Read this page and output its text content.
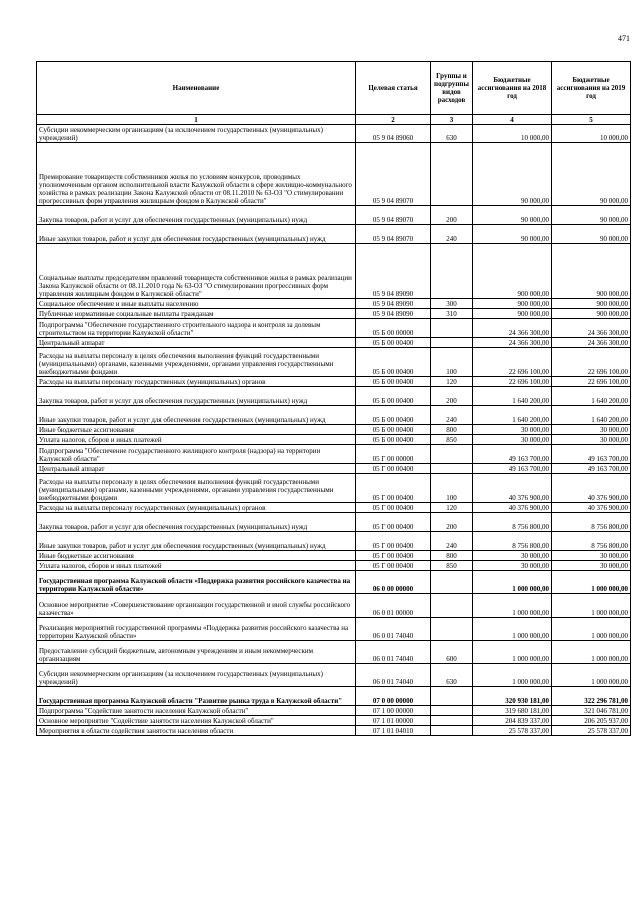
471
Наименование	Целевая статья	Группы и подгруппы видов расходов	Бюджетные ассигнования на 2018 год	Бюджетные ассигнования на 2019 год
1	2	3	4	5
Субсидии некоммерческим организациям (за исключением государственных (муниципальных) учреждений)	05 9 04 89060	630	10 000,00	10 000,00
Премирование товариществ собственников жилья по условиям конкурсов, проводимых уполномоченным органом исполнительной власти Калужской области в сфере жилищно-коммунального хозяйства в рамках реализации Закона Калужской области от 08.11.2010 № 63-ОЗ "О стимулировании прогрессивных форм управления жилищным фондом в Калужской области"	05 9 04 89070		90 000,00	90 000,00
Закупка товаров, работ и услуг для обеспечения государственных (муниципальных) нужд	05 9 04 89070	200	90 000,00	90 000,00
Иные закупки товаров, работ и услуг для обеспечения государственных (муниципальных) нужд	05 9 04 89070	240	90 000,00	90 000,00
Социальные выплаты председателям правлений товариществ собственников жилья в рамках реализации Закона Калужской области от 08.11.2010 года № 63-ОЗ "О стимулировании прогрессивных форм управления жилищным фондом в Калужской области"	05 9 04 89090		900 000,00	900 000,00
Социальное обеспечение и иные выплаты населению	05 9 04 89090	300	900 000,00	900 000,00
Публичные нормативные социальные выплаты гражданам	05 9 04 89090	310	900 000,00	900 000,00
Подпрограмма "Обеспечение государственного строительного надзора и контроля за долевым строительством на территории Калужской области"	05 Б 00 00000		24 366 300,00	24 366 300,00
Центральный аппарат	05 Б 00 00400		24 366 300,00	24 366 300,00
Расходы на выплаты персоналу в целях обеспечения выполнения функций государственными (муниципальными) органами, казенными учреждениями, органами управления государственными внебюджетными фондами	05 Б 00 00400	100	22 696 100,00	22 696 100,00
Расходы на выплаты персоналу государственных (муниципальных) органов	05 Б 00 00400	120	22 696 100,00	22 696 100,00
Закупка товаров, работ и услуг для обеспечения государственных (муниципальных) нужд	05 Б 00 00400	200	1 640 200,00	1 640 200,00
Иные закупки товаров, работ и услуг для обеспечения государственных (муниципальных) нужд	05 Б 00 00400	240	1 640 200,00	1 640 200,00
Иные бюджетные ассигнования	05 Б 00 00400	800	30 000,00	30 000,00
Уплата налогов, сборов и иных платежей	05 Б 00 00400	850	30 000,00	30 000,00
Подпрограмма "Обеспечение государственного жилищного контроля (надзора) на территории Калужской области"	05 Г 00 00000		49 163 700,00	49 163 700,00
Центральный аппарат	05 Г 00 00400		49 163 700,00	49 163 700,00
Расходы на выплаты персоналу в целях обеспечения выполнения функций государственными (муниципальными) органами, казенными учреждениями, органами управления государственными внебюджетными фондами	05 Г 00 00400	100	40 376 900,00	40 376 900,00
Расходы на выплаты персоналу государственных (муниципальных) органов	05 Г 00 00400	120	40 376 900,00	40 376 900,00
Закупка товаров, работ и услуг для обеспечения государственных (муниципальных) нужд	05 Г 00 00400	200	8 756 800,00	8 756 800,00
Иные закупки товаров, работ и услуг для обеспечения государственных (муниципальных) нужд	05 Г 00 00400	240	8 756 800,00	8 756 800,00
Иные бюджетные ассигнования	05 Г 00 00400	800	30 000,00	30 000,00
Уплата налогов, сборов и иных платежей	05 Г 00 00400	850	30 000,00	30 000,00
Государственная программа Калужской области «Поддержка развития российского казачества на территории Калужской области»	06 0 00 00000		1 000 000,00	1 000 000,00
Основное мероприятие «Совершенствование организации государственной и иной службы российского казачества»	06 0 01 00000		1 000 000,00	1 000 000,00
Реализация мероприятий государственной программы «Поддержка развития российского казачества на территории Калужской области»	06 0 01 74040		1 000 000,00	1 000 000,00
Предоставление субсидий бюджетным, автономным учреждениям и иным некоммерческим организациям	06 0 01 74040	600	1 000 000,00	1 000 000,00
Субсидии некоммерческим организациям (за исключением государственных (муниципальных) учреждений)	06 0 01 74040	630	1 000 000,00	1 000 000,00
Государственная программа Калужской области "Развитие рынка труда в Калужской области"	07 0 00 00000		320 930 181,00	322 296 781,00
Подпрограмма "Содействие занятости населения Калужской области"	07 1 00 00000		319 680 181,00	321 046 781,00
Основное мероприятие "Содействие занятости населения Калужской области"	07 1 01 00000		204 839 337,00	206 205 937,00
Мероприятия в области содействия занятости населения области	07 1 01 04010		25 578 337,00	25 578 337,00
